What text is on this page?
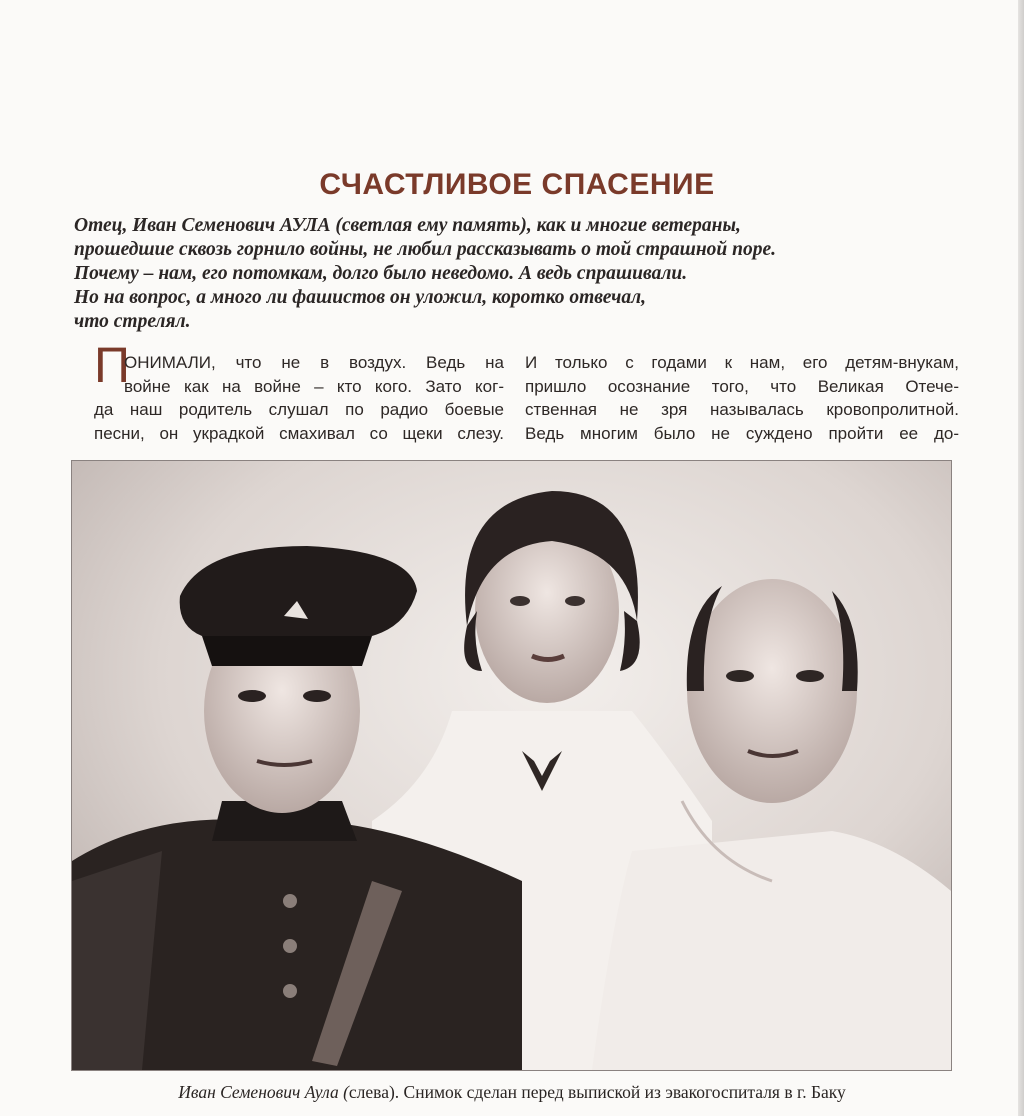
СЧАСТЛИВОЕ СПАСЕНИЕ
Отец, Иван Семенович АУЛА (светлая ему память), как и многие ветераны,
прошедшие сквозь горнило войны, не любил рассказывать о той страшной поре.
Почему – нам, его потомкам, долго было неведомо. А ведь спрашивали.
Но на вопрос, а много ли фашистов он уложил, коротко отвечал,
что стрелял.
П
ОНИМАЛИ, что не в воздух. Ведь на
войне как на войне – кто кого. Зато ког-
да наш родитель слушал по радио боевые
песни, он украдкой смахивал со щеки слезу.
И только с годами к нам, его детям-внукам,
пришло осознание того, что Великая Отече-
ственная не зря называлась кровопролитной.
Ведь многим было не суждено пройти ее до-
Иван Семенович Аула (слева). Снимок сделан перед выпиской из эвакогоспиталя в г. Баку
